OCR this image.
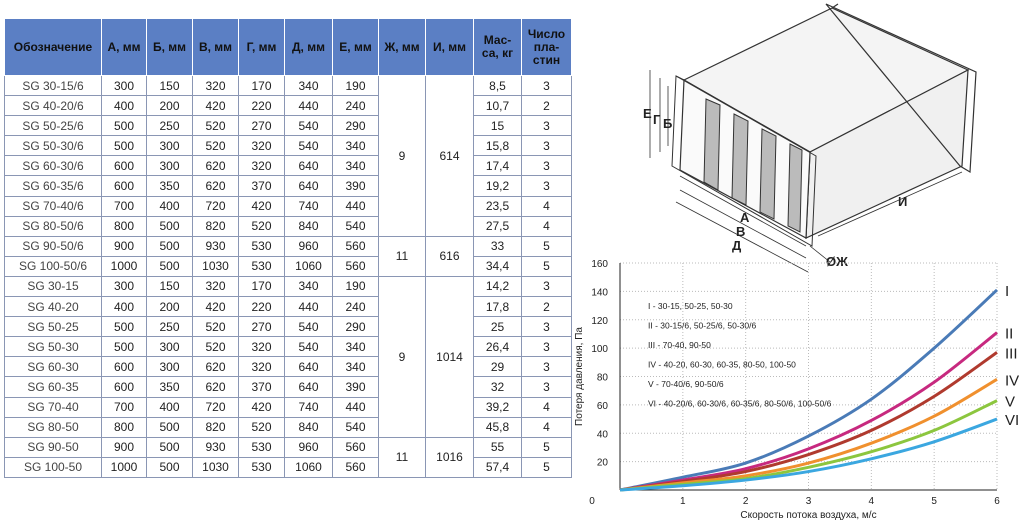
Обозначение	А, мм	Б, мм	В, мм	Г, мм	Д, мм	Е, мм	Ж, мм	И, мм	Мас-
са, кг	Число
пла-
стин
SG 30-15/6	300	150	320	170	340	190	9	614	8,5	3
SG 40-20/6	400	200	420	220	440	240			10,7	2
SG 50-25/6	500	250	520	270	540	290			15	3
SG 50-30/6	500	300	520	320	540	340			15,8	3
SG 60-30/6	600	300	620	320	640	340			17,4	3
SG 60-35/6	600	350	620	370	640	390			19,2	3
SG 70-40/6	700	400	720	420	740	440			23,5	4
SG 80-50/6	800	500	820	520	840	540			27,5	4
SG 90-50/6	900	500	930	530	960	560	11	616	33	5
SG 100-50/6	1000	500	1030	530	1060	560			34,4	5
SG 30-15	300	150	320	170	340	190	9	1014	14,2	3
SG 40-20	400	200	420	220	440	240			17,8	2
SG 50-25	500	250	520	270	540	290			25	3
SG 50-30	500	300	520	320	540	340			26,4	3
SG 60-30	600	300	620	320	640	340			29	3
SG 60-35	600	350	620	370	640	390			32	3
SG 70-40	700	400	720	420	740	440			39,2	4
SG 80-50	800	500	820	520	840	540			45,8	4
SG 90-50	900	500	930	530	960	560	11	1016	55	5
SG 100-50	1000	500	1030	530	1060	560			57,4	5
Е Г Б
А
В
Д
И
ØЖ
0	1	2	3	4	5	6
20
40
60
80
100
120
140
160
Скорость потока воздуха, м/с
Потеря давления, Па
I
II
III
IV
V
VI
I - 30-15, 50-25, 50-30
II - 30-15/6, 50-25/6, 50-30/6
III - 70-40, 90-50
IV - 40-20, 60-30, 60-35, 80-50, 100-50
V - 70-40/6, 90-50/6
VI - 40-20/6, 60-30/6, 60-35/6, 80-50/6, 100-50/6
